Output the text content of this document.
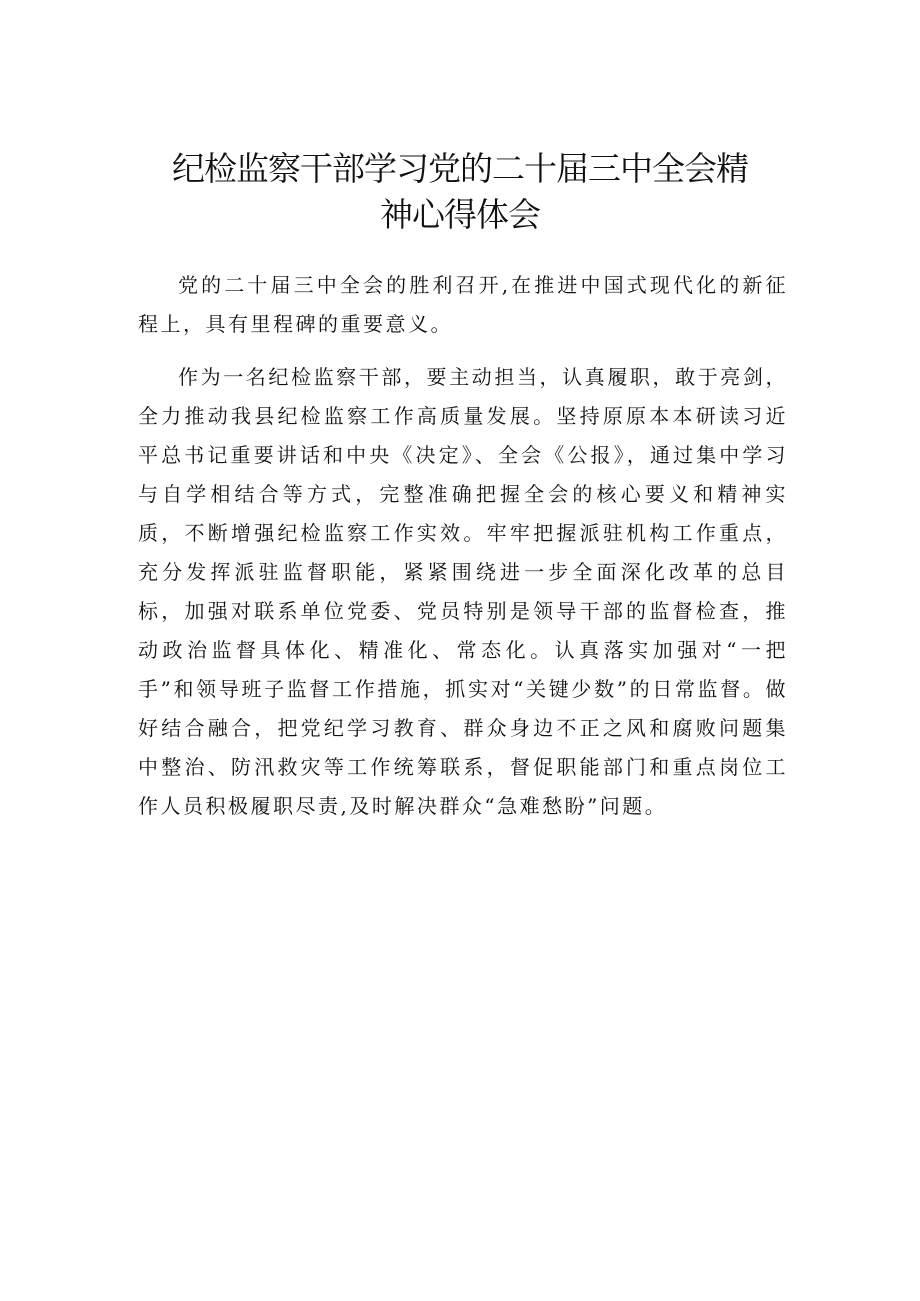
纪检监察干部学习党的二十届三中全会精
神心得体会

党的二十届三中全会的胜利召开,在推进中国式现代化的新征程上，具有里程碑的重要意义。

作为一名纪检监察干部，要主动担当，认真履职，敢于亮剑，全力推动我县纪检监察工作高质量发展。坚持原原本本研读习近平总书记重要讲话和中央《决定》、全会《公报》，通过集中学习与自学相结合等方式，完整准确把握全会的核心要义和精神实质，不断增强纪检监察工作实效。牢牢把握派驻机构工作重点，充分发挥派驻监督职能，紧紧围绕进一步全面深化改革的总目标，加强对联系单位党委、党员特别是领导干部的监督检查，推动政治监督具体化、精准化、常态化。认真落实加强对“一把手”和领导班子监督工作措施，抓实对“关键少数”的日常监督。做好结合融合，把党纪学习教育、群众身边不正之风和腐败问题集中整治、防汛救灾等工作统筹联系，督促职能部门和重点岗位工作人员积极履职尽责,及时解决群众“急难愁盼”问题。
